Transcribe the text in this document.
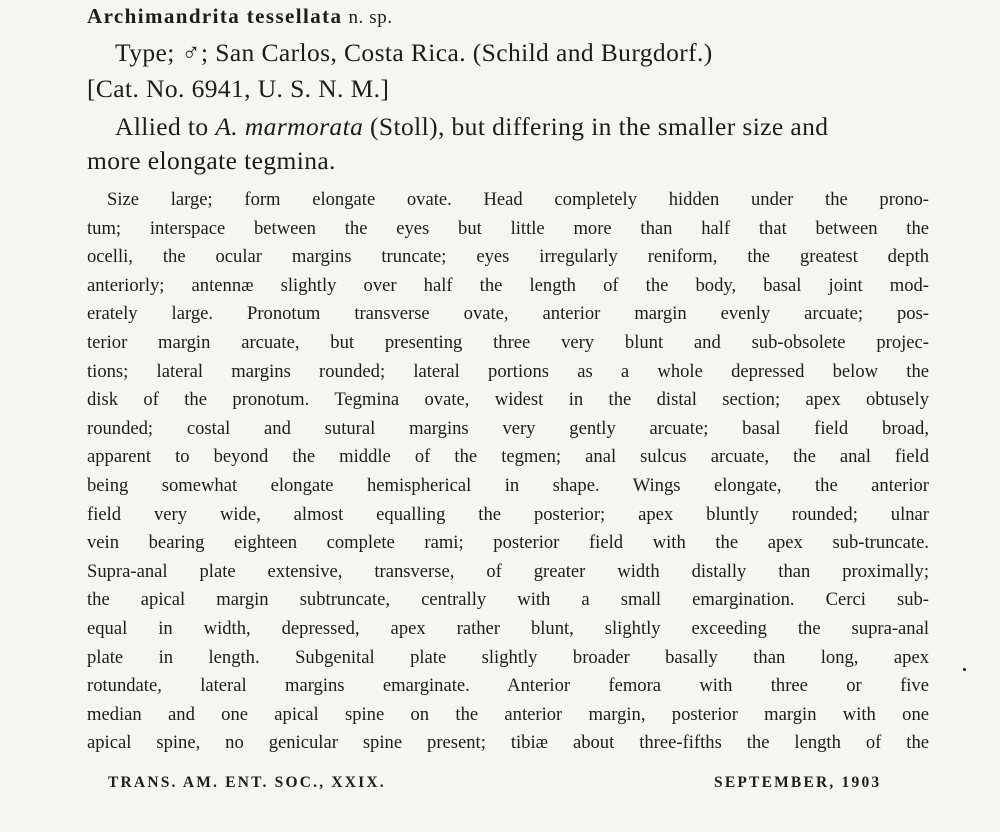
Archimandrita tessellata n. sp.
Type; ♂; San Carlos, Costa Rica. (Schild and Burgdorf.)
[Cat. No. 6941, U. S. N. M.]
Allied to A. marmorata (Stoll), but differing in the smaller size and
more elongate tegmina.
Size large; form elongate ovate. Head completely hidden under the prono-
tum; interspace between the eyes but little more than half that between the
ocelli, the ocular margins truncate; eyes irregularly reniform, the greatest depth
anteriorly; antennæ slightly over half the length of the body, basal joint mod-
erately large. Pronotum transverse ovate, anterior margin evenly arcuate; pos-
terior margin arcuate, but presenting three very blunt and sub-obsolete projec-
tions; lateral margins rounded; lateral portions as a whole depressed below the
disk of the pronotum. Tegmina ovate, widest in the distal section; apex obtusely
rounded; costal and sutural margins very gently arcuate; basal field broad,
apparent to beyond the middle of the tegmen; anal sulcus arcuate, the anal field
being somewhat elongate hemispherical in shape. Wings elongate, the anterior
field very wide, almost equalling the posterior; apex bluntly rounded; ulnar
vein bearing eighteen complete rami; posterior field with the apex sub-truncate.
Supra-anal plate extensive, transverse, of greater width distally than proximally;
the apical margin subtruncate, centrally with a small emargination. Cerci sub-
equal in width, depressed, apex rather blunt, slightly exceeding the supra-anal
plate in length. Subgenital plate slightly broader basally than long, apex
rotundate, lateral margins emarginate. Anterior femora with three or five
median and one apical spine on the anterior margin, posterior margin with one
apical spine, no genicular spine present; tibiæ about three-fifths the length of the
TRANS. AM. ENT. SOC., XXIX.	SEPTEMBER, 1903
